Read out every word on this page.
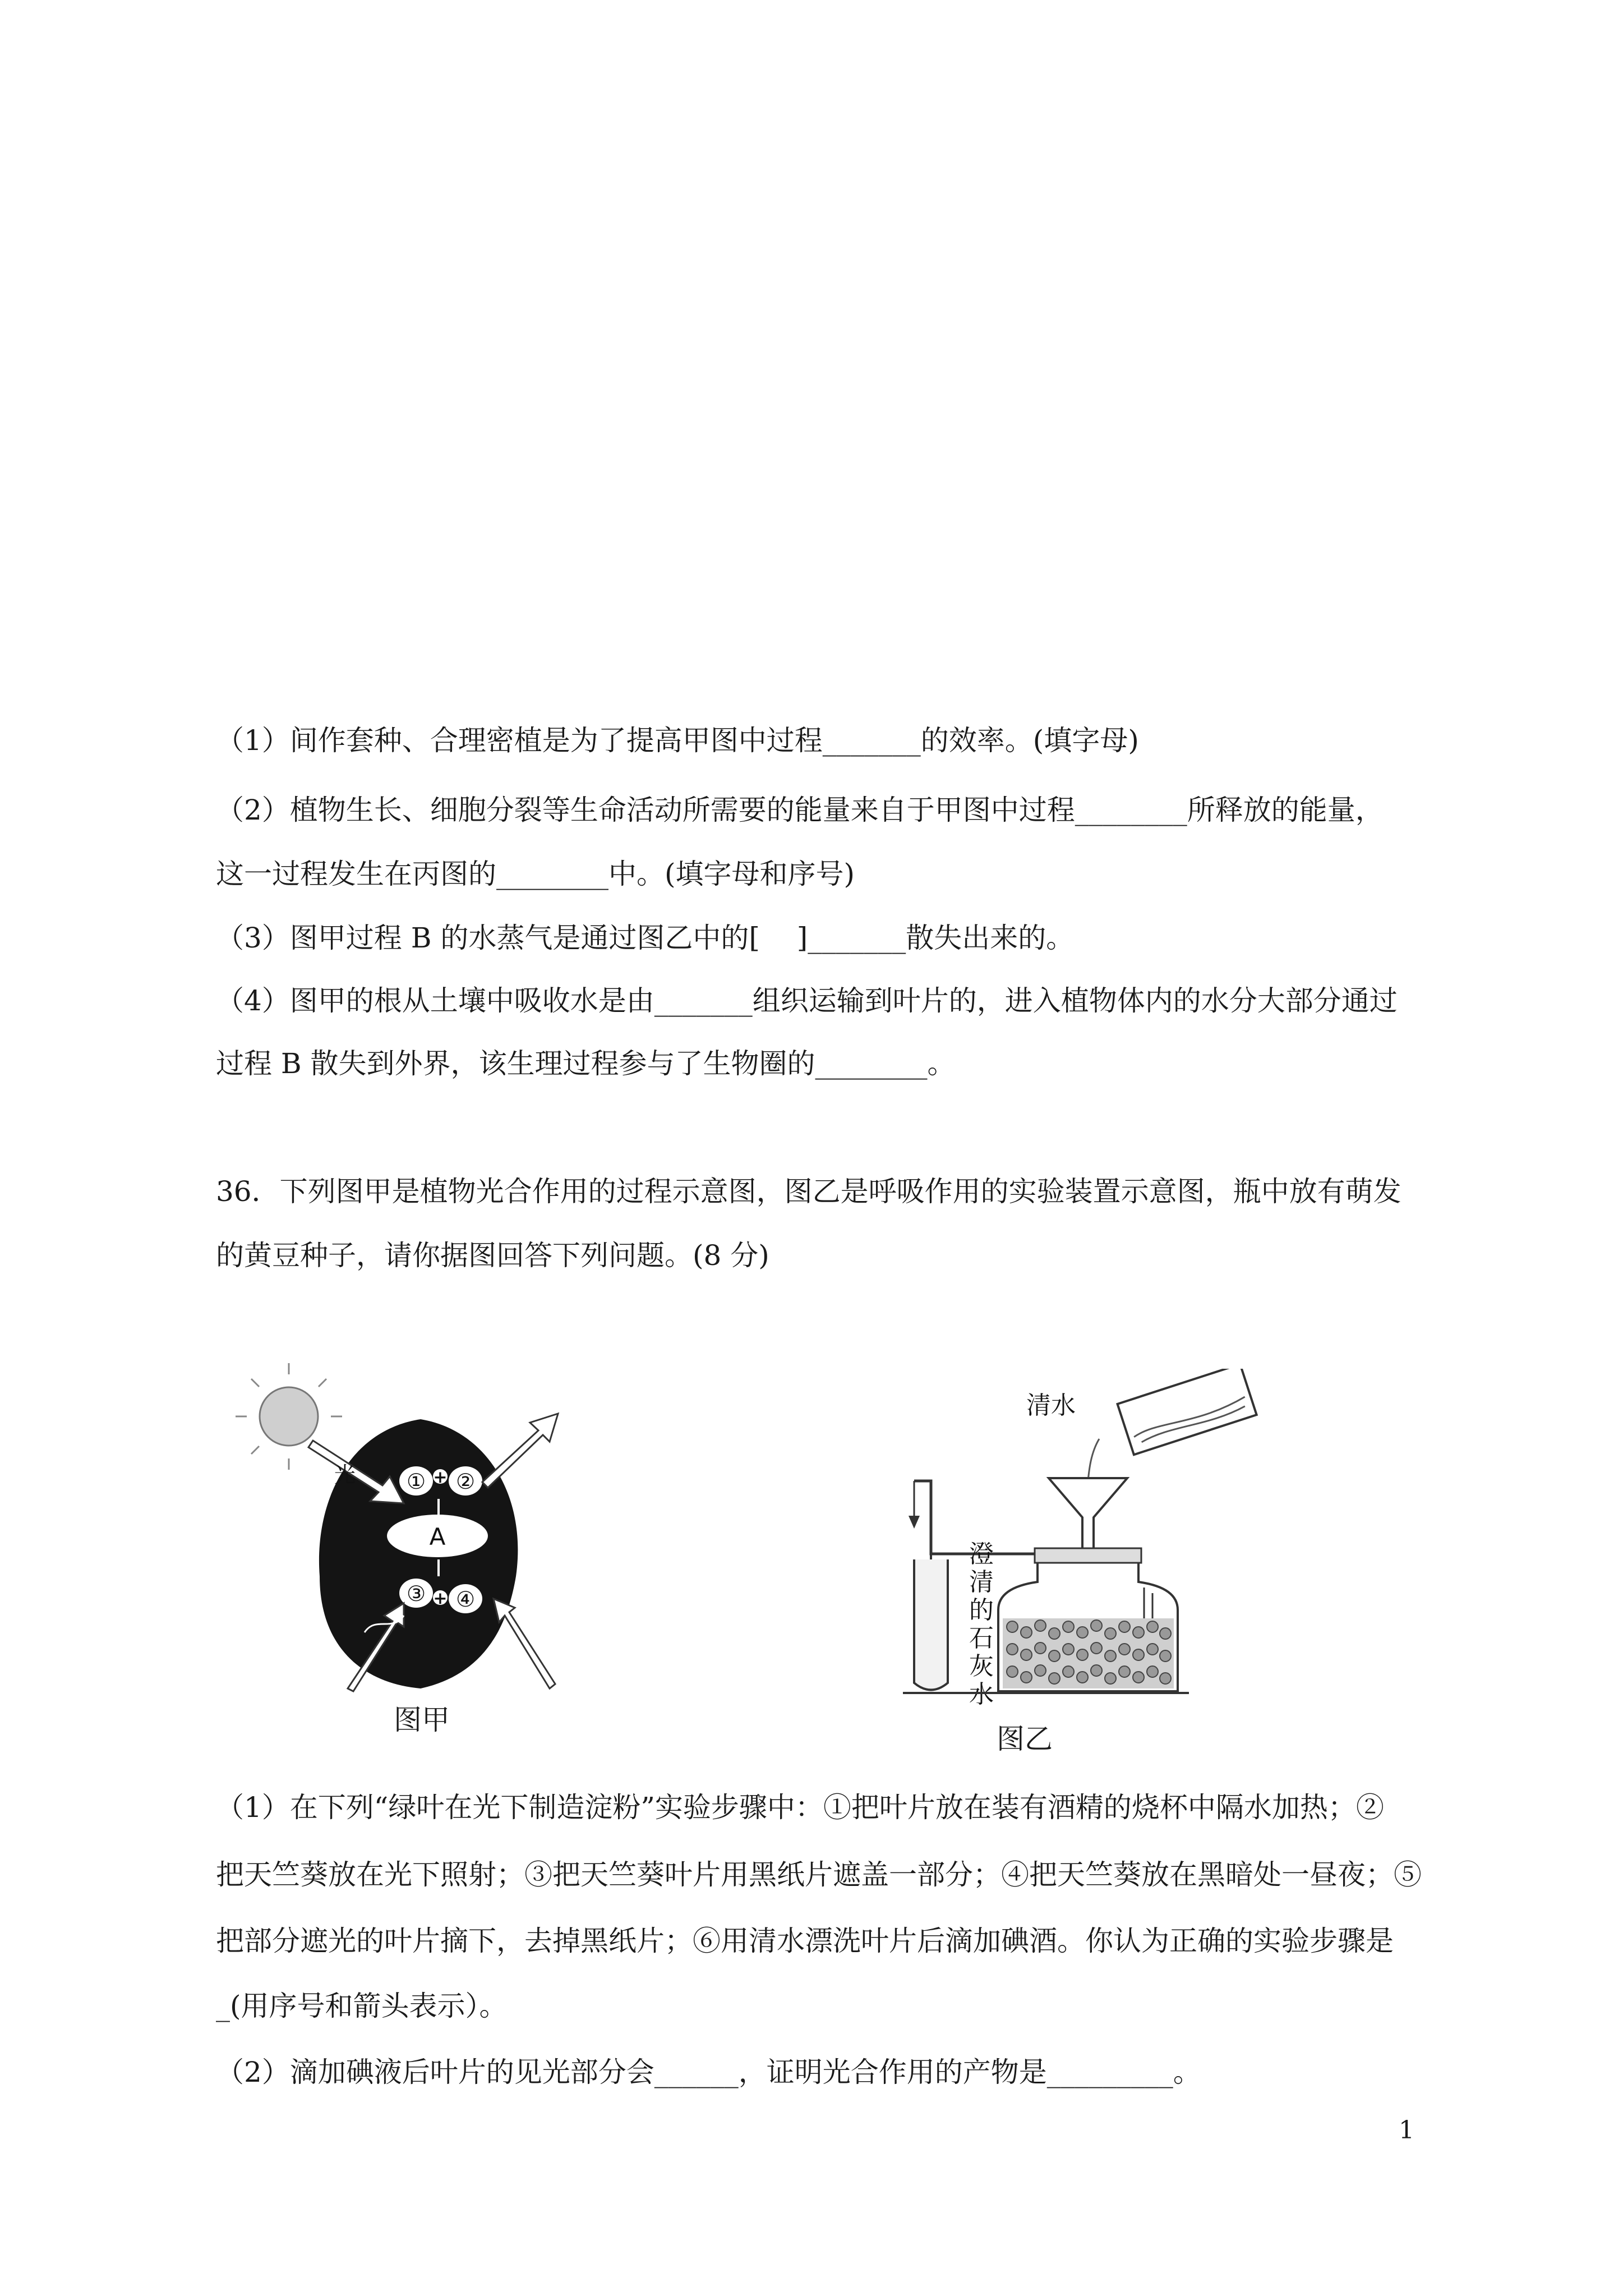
（1）间作套种、合理密植是为了提高甲图中过程_______的效率。(填字母)
（2）植物生长、细胞分裂等生命活动所需要的能量来自于甲图中过程________所释放的能量，
这一过程发生在丙图的________中。(填字母和序号)
（3）图甲过程 B 的水蒸气是通过图乙中的[　 ]_______散失出来的。
（4）图甲的根从土壤中吸收水是由_______组织运输到叶片的，进入植物体内的水分大部分通过
过程 B 散失到外界，该生理过程参与了生物圈的________。
36．下列图甲是植物光合作用的过程示意图，图乙是呼吸作用的实验装置示意图，瓶中放有萌发
的黄豆种子，请你据图回答下列问题。(8 分)
光 ① + ②
A
③ + ④
图甲
清水
澄
清
的
石
灰
水
图乙
（1）在下列“绿叶在光下制造淀粉”实验步骤中：①把叶片放在装有酒精的烧杯中隔水加热；②
把天竺葵放在光下照射；③把天竺葵叶片用黑纸片遮盖一部分；④把天竺葵放在黑暗处一昼夜；⑤
把部分遮光的叶片摘下，去掉黑纸片；⑥用清水漂洗叶片后滴加碘酒。你认为正确的实验步骤是
_(用序号和箭头表示）。
（2）滴加碘液后叶片的见光部分会______，证明光合作用的产物是_________。
1
